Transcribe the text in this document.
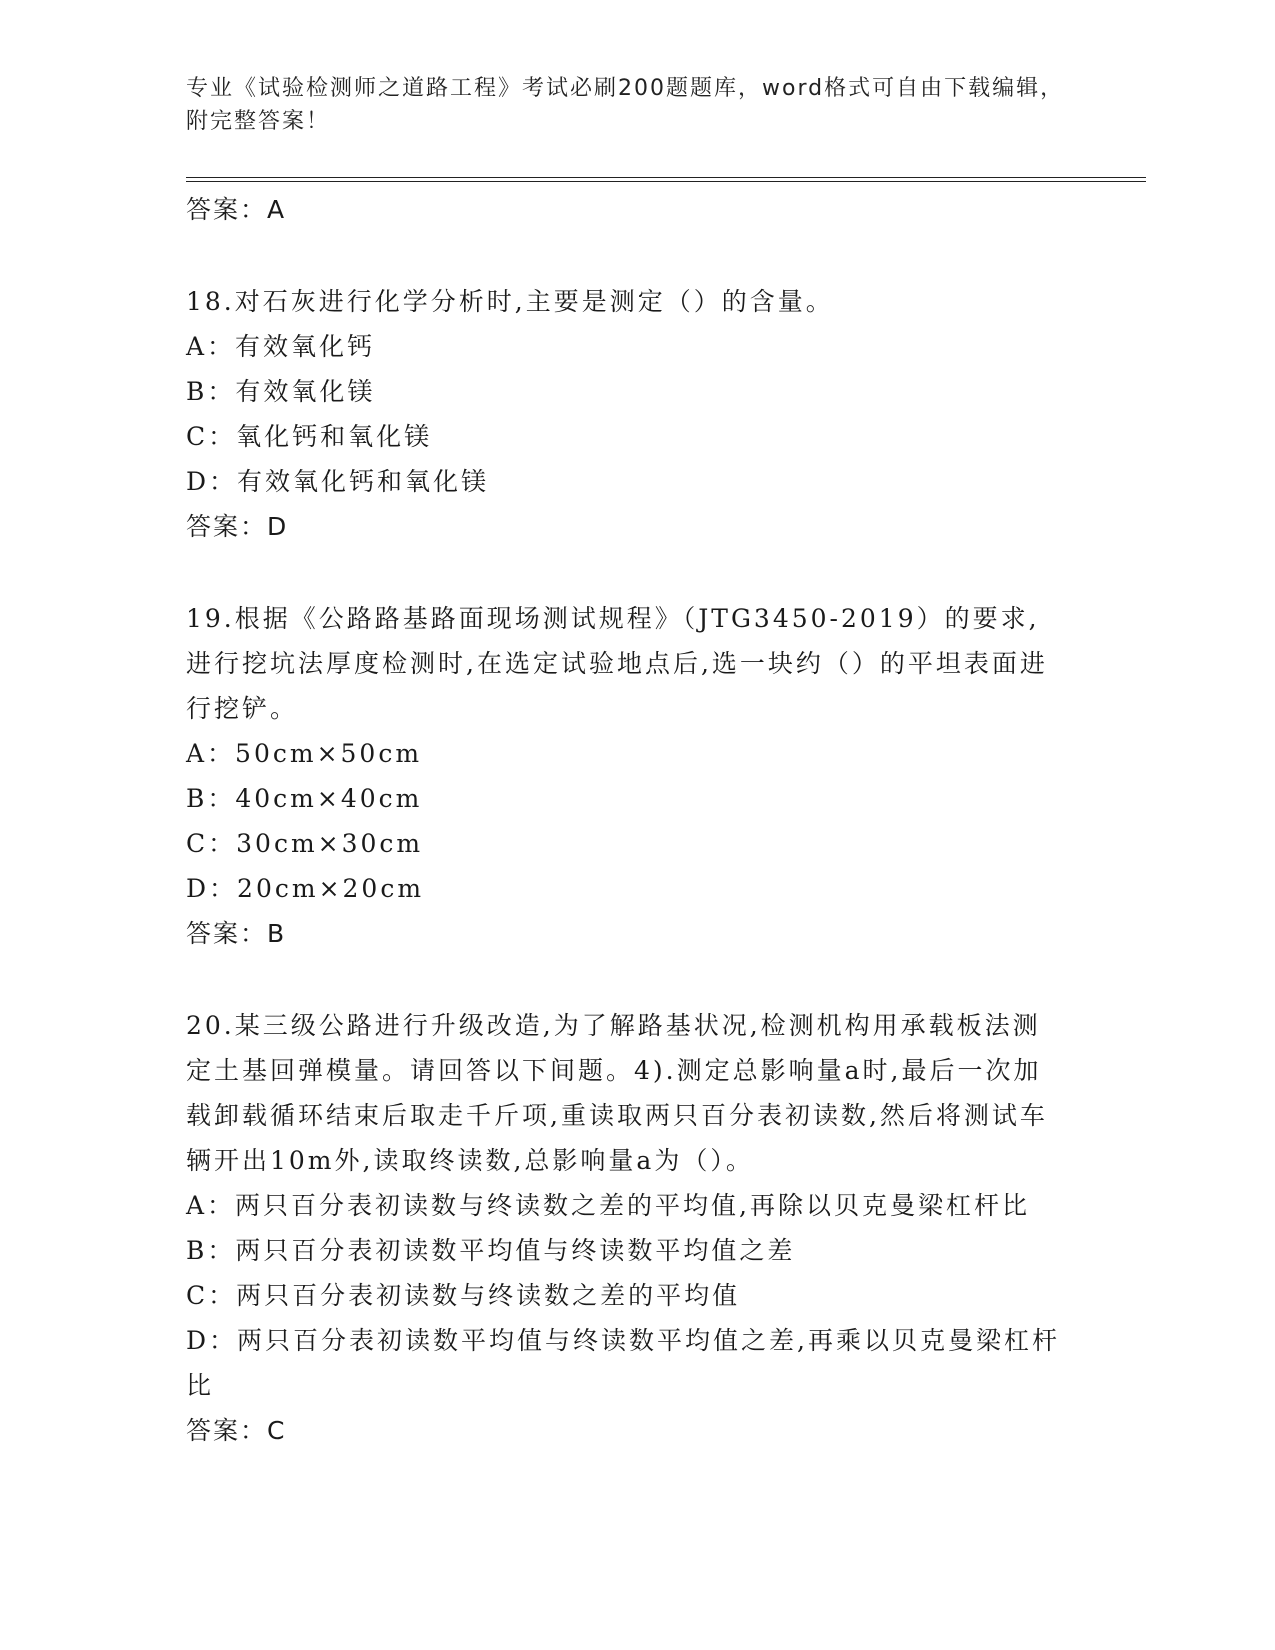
专业《试验检测师之道路工程》考试必刷200题题库，word格式可自由下载编辑，附完整答案！
答案：A
18.对石灰进行化学分析时,主要是测定（）的含量。
A：有效氧化钙
B：有效氧化镁
C：氧化钙和氧化镁
D：有效氧化钙和氧化镁
答案：D
19.根据《公路路基路面现场测试规程》（JTG3450-2019）的要求,进行挖坑法厚度检测时,在选定试验地点后,选一块约（）的平坦表面进行挖铲。
A：50cm×50cm
B：40cm×40cm
C：30cm×30cm
D：20cm×20cm
答案：B
20.某三级公路进行升级改造,为了解路基状况,检测机构用承载板法测定土基回弹模量。请回答以下间题。4).测定总影响量a时,最后一次加载卸载循环结束后取走千斤项,重读取两只百分表初读数,然后将测试车辆开出10m外,读取终读数,总影响量a为（）。
A：两只百分表初读数与终读数之差的平均值,再除以贝克曼梁杠杆比
B：两只百分表初读数平均值与终读数平均值之差
C：两只百分表初读数与终读数之差的平均值
D：两只百分表初读数平均值与终读数平均值之差,再乘以贝克曼梁杠杆比
答案：C
